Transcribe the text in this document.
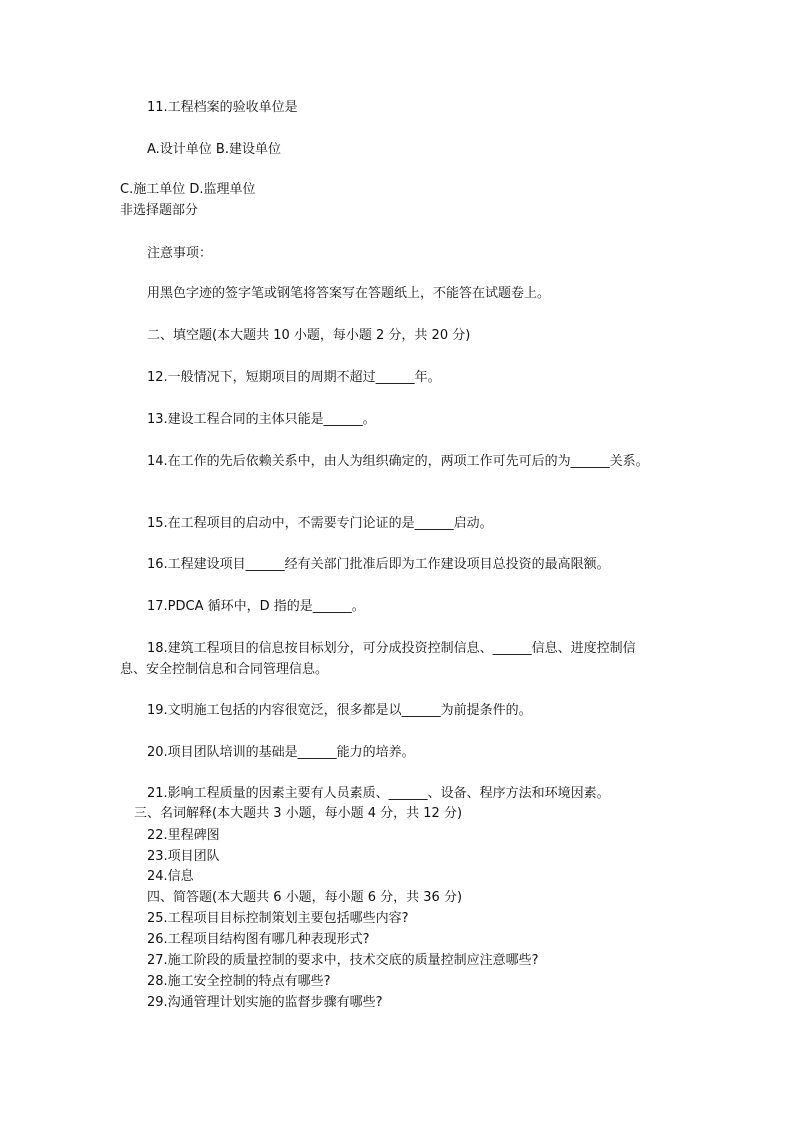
11.工程档案的验收单位是
A.设计单位 B.建设单位
C.施工单位 D.监理单位
非选择题部分
注意事项：
用黑色字迹的签字笔或钢笔将答案写在答题纸上，不能答在试题卷上。
二、填空题(本大题共 10 小题，每小题 2 分，共 20 分)
12.一般情况下，短期项目的周期不超过______年。
13.建设工程合同的主体只能是______。
14.在工作的先后依赖关系中，由人为组织确定的，两项工作可先可后的为______关系。
15.在工程项目的启动中，不需要专门论证的是______启动。
16.工程建设项目______经有关部门批准后即为工作建设项目总投资的最高限额。
17.PDCA 循环中，D 指的是______。
18.建筑工程项目的信息按目标划分，可分成投资控制信息、______信息、进度控制信
息、安全控制信息和合同管理信息。
19.文明施工包括的内容很宽泛，很多都是以______为前提条件的。
20.项目团队培训的基础是______能力的培养。
21.影响工程质量的因素主要有人员素质、______、设备、程序方法和环境因素。
三、名词解释(本大题共 3 小题，每小题 4 分，共 12 分)
22.里程碑图
23.项目团队
24.信息
四、简答题(本大题共 6 小题，每小题 6 分，共 36 分)
25.工程项目目标控制策划主要包括哪些内容?
26.工程项目结构图有哪几种表现形式?
27.施工阶段的质量控制的要求中，技术交底的质量控制应注意哪些?
28.施工安全控制的特点有哪些?
29.沟通管理计划实施的监督步骤有哪些?
